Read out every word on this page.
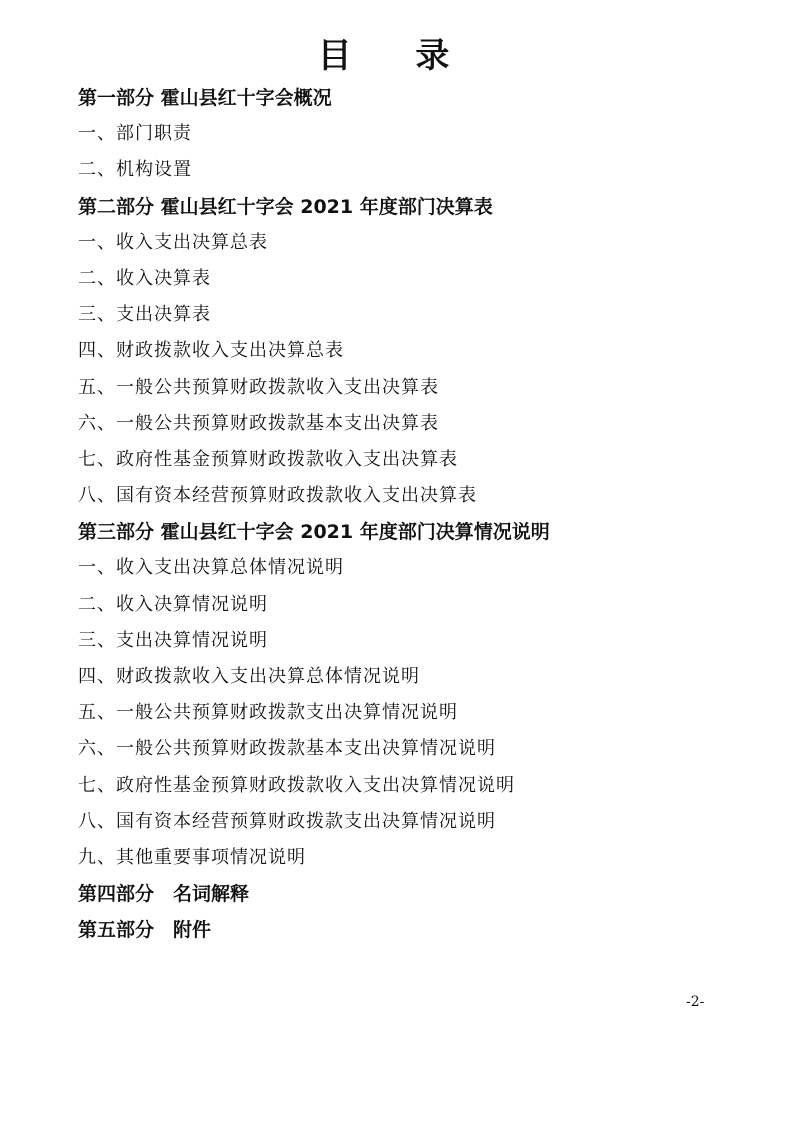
目 录
第一部分 霍山县红十字会概况
一、部门职责
二、机构设置
第二部分 霍山县红十字会 2021 年度部门决算表
一、收入支出决算总表
二、收入决算表
三、支出决算表
四、财政拨款收入支出决算总表
五、一般公共预算财政拨款收入支出决算表
六、一般公共预算财政拨款基本支出决算表
七、政府性基金预算财政拨款收入支出决算表
八、国有资本经营预算财政拨款收入支出决算表
第三部分 霍山县红十字会 2021 年度部门决算情况说明
一、收入支出决算总体情况说明
二、收入决算情况说明
三、支出决算情况说明
四、财政拨款收入支出决算总体情况说明
五、一般公共预算财政拨款支出决算情况说明
六、一般公共预算财政拨款基本支出决算情况说明
七、政府性基金预算财政拨款收入支出决算情况说明
八、国有资本经营预算财政拨款支出决算情况说明
九、其他重要事项情况说明
第四部分　名词解释
第五部分　附件
-2-
